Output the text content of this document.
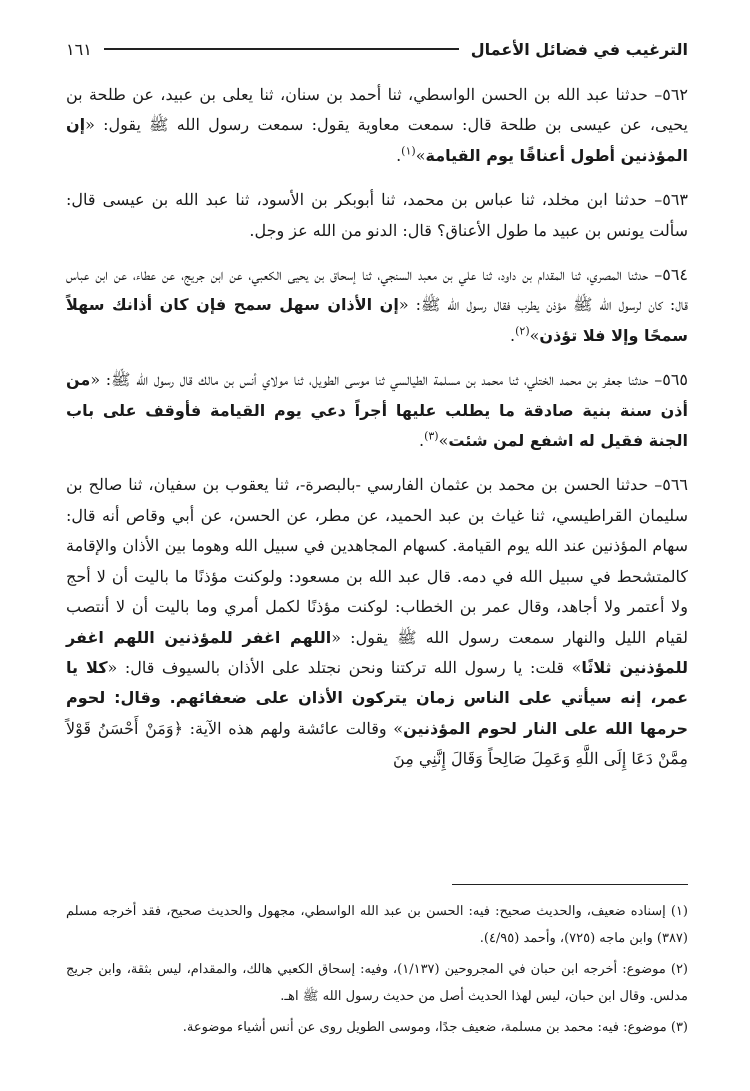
الترغيب في فضائل الأعمال
١٦١

٥٦٢– حدثنا عبد الله بن الحسن الواسطي، ثنا أحمد بن سنان، ثنا يعلى بن عبيد، عن طلحة بن يحيى، عن عيسى بن طلحة قال: سمعت معاوية يقول: سمعت رسول الله ﷺ يقول: «إن المؤذنين أطول أعناقًا يوم القيامة»$^{(١)}$.

٥٦٣– حدثنا ابن مخلد، ثنا عباس بن محمد، ثنا أبوبكر بن الأسود، ثنا عبد الله بن عيسى قال: سألت يونس بن عبيد ما طول الأعناق؟ قال: الدنو من الله عز وجل.

٥٦٤– حدثنا المصري، ثنا المقدام بن داود، ثنا علي بن معبد السنجي، ثنا إسحاق بن يحيى الكعبي، عن ابن جريج، عن عطاء، عن ابن عباس قال: كان لرسول الله ﷺ مؤذن يطرب فقال رسول الله ﷺ: «إن الأذان سهل سمح فإن كان أذانك سهلاً سمحًا وإلا فلا تؤذن»$^{(٢)}$.

٥٦٥– حدثنا جعفر بن محمد الختلي، ثنا محمد بن مسلمة الطيالسي ثنا موسى الطويل، ثنا مولاي أنس بن مالك قال رسول الله ﷺ: «من أذن سنة بنية صادقة ما يطلب عليها أجراً دعي يوم القيامة فأوقف على باب الجنة فقيل له اشفع لمن شئت»$^{(٣)}$.

٥٦٦– حدثنا الحسن بن محمد بن عثمان الفارسي -بالبصرة-، ثنا يعقوب بن سفيان، ثنا صالح بن سليمان القراطيسي، ثنا غياث بن عبد الحميد، عن مطر، عن الحسن، عن أبي وقاص أنه قال: سهام المؤذنين عند الله يوم القيامة. كسهام المجاهدين في سبيل الله وهوما بين الأذان والإقامة كالمتشحط في سبيل الله في دمه. قال عبد الله بن مسعود: ولوكنت مؤذنًا ما باليت أن لا أحج ولا أعتمر ولا أجاهد، وقال عمر بن الخطاب: لوكنت مؤذنًا لكمل أمري وما باليت أن لا أنتصب لقيام الليل والنهار سمعت رسول الله ﷺ يقول: «اللهم اغفر للمؤذنين اللهم اغفر للمؤذنين ثلاثًا» قلت: يا رسول الله تركتنا ونحن نجتلد على الأذان بالسيوف قال: «كلا يا عمر، إنه سيأتي على الناس زمان يتركون الأذان على ضعفائهم. وقال: لحوم حرمها الله على النار لحوم المؤذنين» وقالت عائشة ولهم هذه الآية: ﴿وَمَنْ أَحْسَنُ قَوْلاً مِمَّنْ دَعَا إِلَى اللَّهِ وَعَمِلَ صَالِحاً وَقَالَ إِنَّنِي مِنَ

(١) إسناده ضعيف، والحديث صحيح: فيه: الحسن بن عبد الله الواسطي، مجهول والحديث صحيح، فقد أخرجه مسلم (٣٨٧) وابن ماجه (٧٢٥)، وأحمد (٤/٩٥).

(٢) موضوع: أخرجه ابن حبان في المجروحين (١/١٣٧)، وفيه: إسحاق الكعبي هالك، والمقدام، ليس بثقة، وابن جريج مدلس. وقال ابن حبان، ليس لهذا الحديث أصل من حديث رسول الله ﷺ اهـ.

(٣) موضوع: فيه: محمد بن مسلمة، ضعيف جدًا، وموسى الطويل روى عن أنس أشياء موضوعة.
